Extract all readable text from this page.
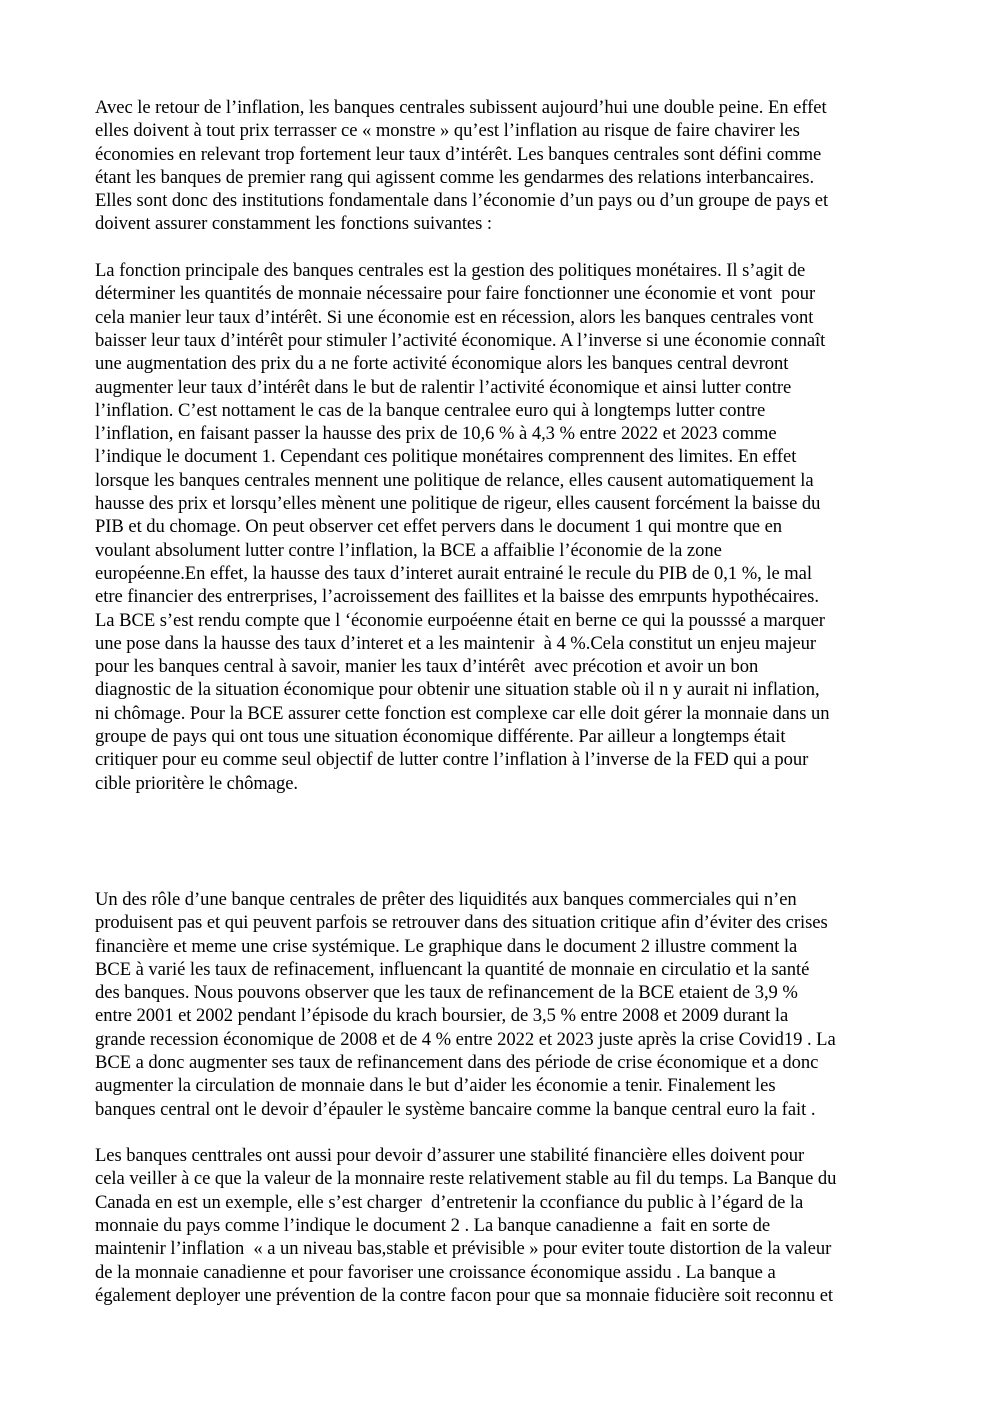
Avec le retour de l’inflation, les banques centrales subissent aujourd’hui une double peine. En effet
elles doivent à tout prix terrasser ce « monstre » qu’est l’inflation au risque de faire chavirer les
économies en relevant trop fortement leur taux d’intérêt. Les banques centrales sont défini comme
étant les banques de premier rang qui agissent comme les gendarmes des relations interbancaires.
Elles sont donc des institutions fondamentale dans l’économie d’un pays ou d’un groupe de pays et
doivent assurer constamment les fonctions suivantes :
La fonction principale des banques centrales est la gestion des politiques monétaires. Il s’agit de
déterminer les quantités de monnaie nécessaire pour faire fonctionner une économie et vont  pour
cela manier leur taux d’intérêt. Si une économie est en récession, alors les banques centrales vont
baisser leur taux d’intérêt pour stimuler l’activité économique. A l’inverse si une économie connaît
une augmentation des prix du a ne forte activité économique alors les banques central devront
augmenter leur taux d’intérêt dans le but de ralentir l’activité économique et ainsi lutter contre
l’inflation. C’est nottament le cas de la banque centralee euro qui à longtemps lutter contre
l’inflation, en faisant passer la hausse des prix de 10,6 % à 4,3 % entre 2022 et 2023 comme
l’indique le document 1. Cependant ces politique monétaires comprennent des limites. En effet
lorsque les banques centrales mennent une politique de relance, elles causent automatiquement la
hausse des prix et lorsqu’elles mènent une politique de rigeur, elles causent forcément la baisse du
PIB et du chomage. On peut observer cet effet pervers dans le document 1 qui montre que en
voulant absolument lutter contre l’inflation, la BCE a affaiblie l’économie de la zone
européenne.En effet, la hausse des taux d’interet aurait entrainé le recule du PIB de 0,1 %, le mal
etre financier des entrerprises, l’acroissement des faillites et la baisse des emrpunts hypothécaires.
La BCE s’est rendu compte que l ‘économie eurpoéenne était en berne ce qui la pousssé a marquer
une pose dans la hausse des taux d’interet et a les maintenir  à 4 %.Cela constitut un enjeu majeur
pour les banques central à savoir, manier les taux d’intérêt  avec précotion et avoir un bon
diagnostic de la situation économique pour obtenir une situation stable où il n y aurait ni inflation,
ni chômage. Pour la BCE assurer cette fonction est complexe car elle doit gérer la monnaie dans un
groupe de pays qui ont tous une situation économique différente. Par ailleur a longtemps était
critiquer pour eu comme seul objectif de lutter contre l’inflation à l’inverse de la FED qui a pour
cible prioritère le chômage.
Un des rôle d’une banque centrales de prêter des liquidités aux banques commerciales qui n’en
produisent pas et qui peuvent parfois se retrouver dans des situation critique afin d’éviter des crises
financière et meme une crise systémique. Le graphique dans le document 2 illustre comment la
BCE à varié les taux de refinacement, influencant la quantité de monnaie en circulatio et la santé
des banques. Nous pouvons observer que les taux de refinancement de la BCE etaient de 3,9 %
entre 2001 et 2002 pendant l’épisode du krach boursier, de 3,5 % entre 2008 et 2009 durant la
grande recession économique de 2008 et de 4 % entre 2022 et 2023 juste après la crise Covid19 . La
BCE a donc augmenter ses taux de refinancement dans des période de crise économique et a donc
augmenter la circulation de monnaie dans le but d’aider les économie a tenir. Finalement les
banques central ont le devoir d’épauler le système bancaire comme la banque central euro la fait .
Les banques centtrales ont aussi pour devoir d’assurer une stabilité financière elles doivent pour
cela veiller à ce que la valeur de la monnaire reste relativement stable au fil du temps. La Banque du
Canada en est un exemple, elle s’est charger  d’entretenir la cconfiance du public à l’égard de la
monnaie du pays comme l’indique le document 2 . La banque canadienne a  fait en sorte de
maintenir l’inflation  « a un niveau bas,stable et prévisible » pour eviter toute distortion de la valeur
de la monnaie canadienne et pour favoriser une croissance économique assidu . La banque a
également deployer une prévention de la contre facon pour que sa monnaie fiducière soit reconnu et
